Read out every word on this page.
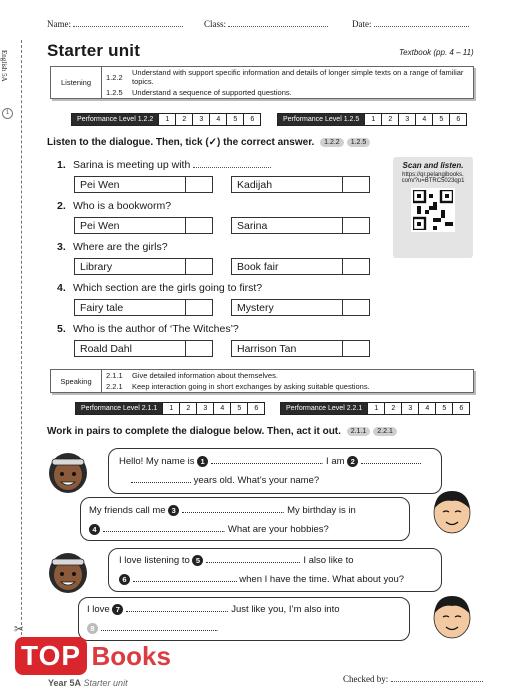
English 5A
1
Name:	Class:	Date:
Starter unit	Textbook (pp. 4 – 11)
Listening	1.2.2	Understand with support specific information and details of longer simple texts on a range of familiar topics.
	1.2.5	Understand a sequence of supported questions.
Performance Level 1.2.2	1	2	3	4	5	6	Performance Level 1.2.5	1	2	3	4	5	6
Listen to the dialogue. Then, tick (✓) the correct answer. 1.2.2 1.2.5
1. Sarina is meeting up with
Pei Wen	Kadijah
2. Who is a bookworm?
Pei Wen	Sarina
3. Where are the girls?
Library	Book fair
4. Which section are the girls going to first?
Fairy tale	Mystery
5. Who is the author of ‘The Witches’?
Roald Dahl	Harrison Tan
Scan and listen.
https://qr.pelangibooks.
com/?u=BTRC5023qp1
Speaking	2.1.1	Give detailed information about themselves.
	2.2.1	Keep interaction going in short exchanges by asking suitable questions.
Performance Level 2.1.1	1	2	3	4	5	6	Performance Level 2.2.1	1	2	3	4	5	6
Work in pairs to complete the dialogue below. Then, act it out. 2.1.1 2.2.1
Hello! My name is 1	. I am 2
years old. What’s your name?
My friends call me 3	. My birthday is in
4	. What are your hobbies?
I love listening to 5	. I also like to
6	when I have the time. What about you?
I love 7	. Just like you, I’m also into
8	.
✂
TOP Books
Year 5A Starter unit	Checked by:
